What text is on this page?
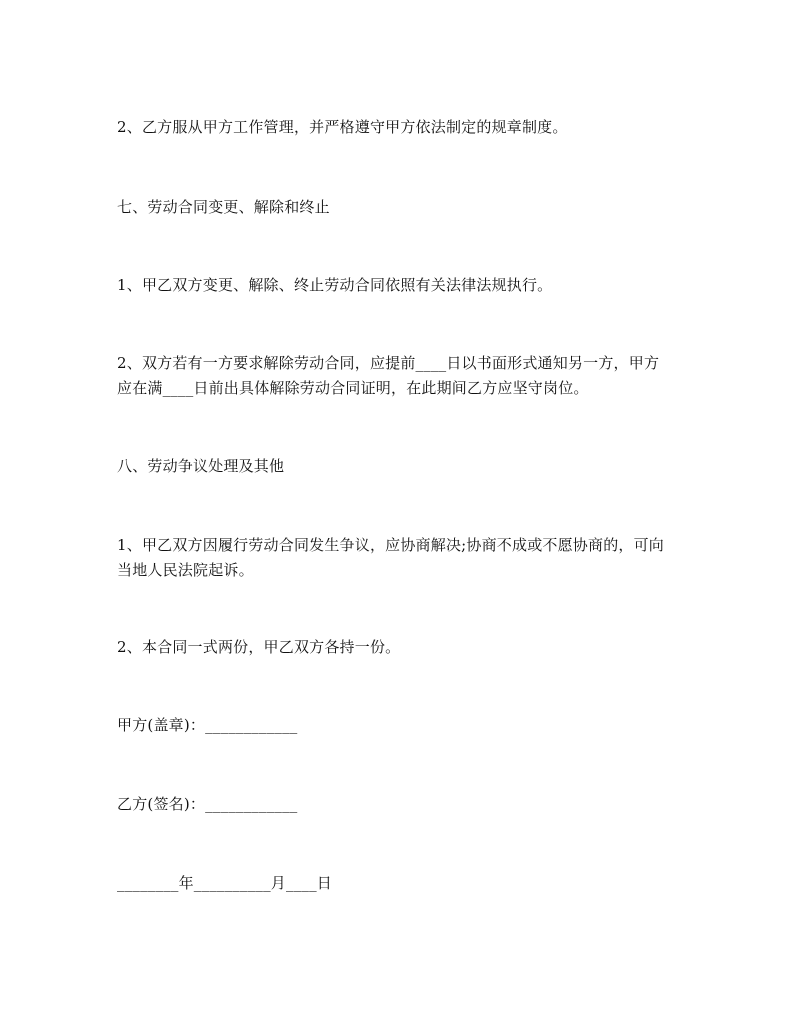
2、乙方服从甲方工作管理，并严格遵守甲方依法制定的规章制度。
七、劳动合同变更、解除和终止
1、甲乙双方变更、解除、终止劳动合同依照有关法律法规执行。
2、双方若有一方要求解除劳动合同，应提前____日以书面形式通知另一方，甲方
应在满____日前出具体解除劳动合同证明，在此期间乙方应坚守岗位。
八、劳动争议处理及其他
1、甲乙双方因履行劳动合同发生争议，应协商解决;协商不成或不愿协商的，可向
当地人民法院起诉。
2、本合同一式两份，甲乙双方各持一份。
甲方(盖章)：____________
乙方(签名)：____________
________年__________月____日
